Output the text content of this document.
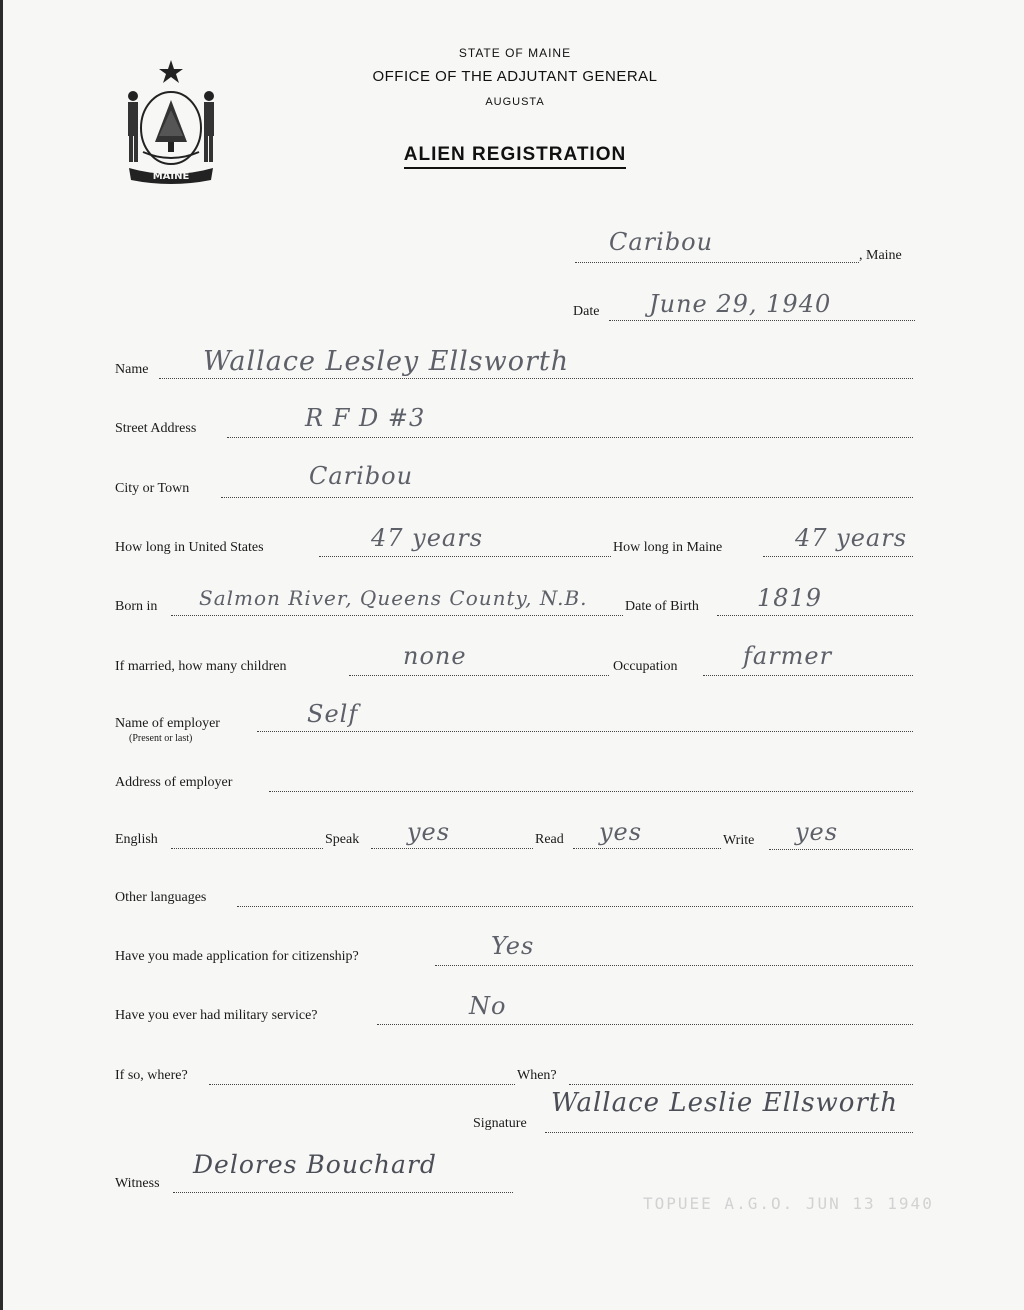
MAINE
STATE OF MAINE
OFFICE OF THE ADJUTANT GENERAL
AUGUSTA
ALIEN REGISTRATION
Caribou	, Maine
Date June 29, 1940
Name Wallace Lesley Ellsworth
Street Address	R F D #3
City or Town	Caribou
How long in United States	47 years	How long in Maine	47 years
Born in Salmon River, Queens County, N.B.	Date of Birth 1819
If married, how many children	none	Occupation	farmer
Name of employer
(Present or last)
Self
Address of employer
English	Speak yes	Read yes	Write yes
Other languages
Have you made application for citizenship?	Yes
Have you ever had military service?	No
If so, where?	When?
Signature
Wallace Leslie Ellsworth
Witness
Delores Bouchard
TOPUEE A.G.O. JUN 13 1940
